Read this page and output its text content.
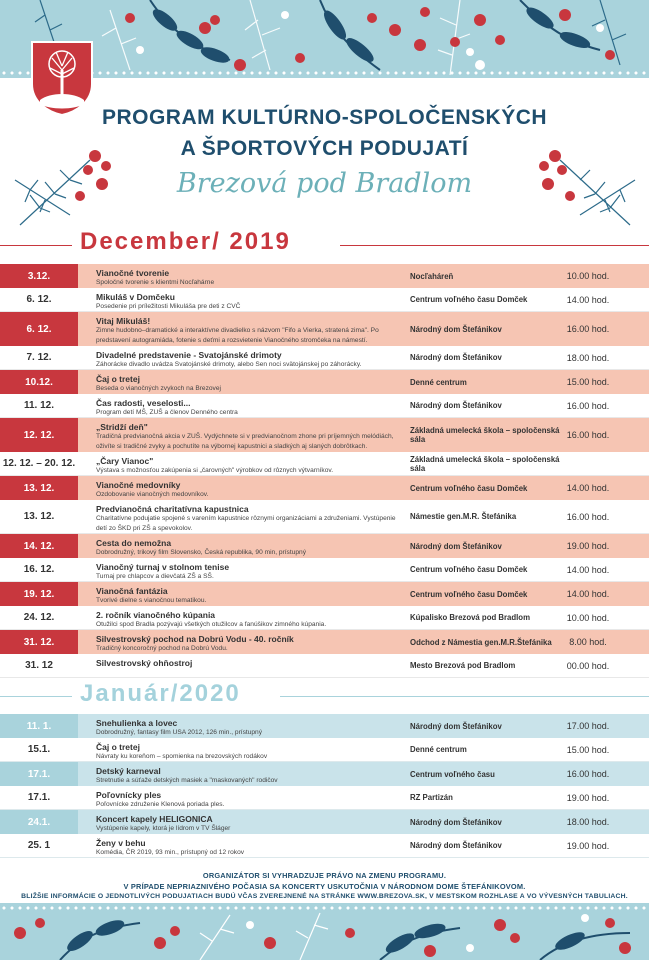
PROGRAM KULTÚRNO-SPOLOČENSKÝCH
A ŠPORTOVÝCH PODUJATÍ
Brezová pod Bradlom
December/ 2019
3.12.	Vianočné tvorenie
Spoločné tvorenie s klientmi Nocľahárne
Nocľaháreň	10.00 hod.
6. 12.	Mikuláš v Domčeku
Posedenie pri príležitosti Mikuláša pre deti z CVČ
Centrum voľného času Domček	14.00 hod.
6. 12.
Vitaj Mikuláš!
Zimne hudobno–dramatické a interaktívne divadielko s názvom "Fifo a Vierka, stratená zima". Po predstavení autogramiáda, fotenie s deťmi a rozsvietenie Vianočného stromčeka na námestí.
Národný dom Štefánikov	16.00 hod.
7. 12.	Divadelné predstavenie - Svatojánské drimoty
Záhorácke divadlo uvádza Svatojánské drimoty, alebo Sen noci svätojánskej po záhorácky.
Národný dom Štefánikov	18.00 hod.
10.12.	Čaj o tretej
Beseda o vianočných zvykoch na Brezovej
Denné centrum	15.00 hod.
11. 12.	Čas radosti, veselosti...
Program detí MŠ, ZUŠ a členov Denného centra
Národný dom Štefánikov	16.00 hod.
12. 12.
„Stridží deň"
Tradičná predvianočná akcia v ZUŠ. Vydýchnete si v predvianočnom zhone pri príjemných melódiách, oživíte si tradičné zvyky a pochutíte na výbornej kapustnici a sladkých aj slaných dobrôtkach.
Základná umelecká škola – spoločenská sála	16.00 hod.
12. 12. – 20. 12.	„Čary Vianoc"
Výstava s možnosťou zakúpenia si „čarovných" výrobkov od rôznych výtvarníkov.
Základná umelecká škola – spoločenská sála
13. 12.	Vianočné medovníky
Ozdobovanie vianočných medovníkov.
Centrum voľného času Domček	14.00 hod.
13. 12.
Predvianočná charitatívna kapustnica
Charitatívne podujatie spojené s varením kapustnice rôznymi organizáciami a združeniami. Vystúpenie detí zo ŠKD pri ZŠ a spevokolov.
Námestie gen.M.R. Štefánika	16.00 hod.
14. 12.	Cesta do nemožna
Dobrodružný, trikový film Slovensko, Česká republika, 90 min, prístupný
Národný dom Štefánikov	19.00 hod.
16. 12.	Vianočný turnaj v stolnom tenise
Turnaj pre chlapcov a dievčatá ZŠ a SŠ.
Centrum voľného času Domček	14.00 hod.
19. 12.	Vianočná fantázia
Tvorivé dielne s vianočnou tematikou.
Centrum voľného času Domček	14.00 hod.
24. 12.	2. ročník vianočného kúpania
Otužilci spod Bradla pozývajú všetkých otužilcov a fanúšikov zimného kúpania.
Kúpalisko Brezová pod Bradlom	10.00 hod.
31. 12.	Silvestrovský pochod na Dobrú Vodu - 40. ročník
Tradičný koncoročný pochod na Dobrú Vodu.
Odchod z Námestia gen.M.R.Štefánika	8.00 hod.
31. 12	Silvestrovský ohňostroj	Mesto Brezová pod Bradlom	00.00 hod.
Január/2020
11. 1.	Snehulienka a lovec
Dobrodružný, fantasy film USA 2012, 126 min., prístupný
Národný dom Štefánikov	17.00 hod.
15.1.	Čaj o tretej
Návraty ku koreňom – spomienka na brezovských rodákov
Denné centrum	15.00 hod.
17.1.	Detský karneval
Stretnutie a súťaže detských masiek a "maskovaných" rodičov
Centrum voľného času	16.00 hod.
17.1.	Poľovnícky ples
Poľovnícke združenie Klenová poriada ples.
RZ Partizán	19.00 hod.
24.1.	Koncert kapely HELIGONICA
Vystúpenie kapely, ktorá je lídrom v TV Šláger
Národný dom Štefánikov	18.00 hod.
25. 1	Ženy v behu
Komédia, ČR 2019, 93 min., prístupný od 12 rokov
Národný dom Štefánikov	19.00 hod.
ORGANIZÁTOR SI VYHRADZUJE PRÁVO NA ZMENU PROGRAMU.
V PRÍPADE NEPRIAZNIVÉHO POČASIA SA KONCERTY USKUTOČNIA V NÁRODNOM DOME ŠTEFÁNIKOVOM.
BLIŽŠIE INFORMÁCIE O JEDNOTLIVÝCH PODUJATIACH BUDÚ VČAS ZVEREJNENÉ NA STRÁNKE WWW.BREZOVA.SK, V MESTSKOM ROZHLASE A VO VÝVESNÝCH TABULIACH.
